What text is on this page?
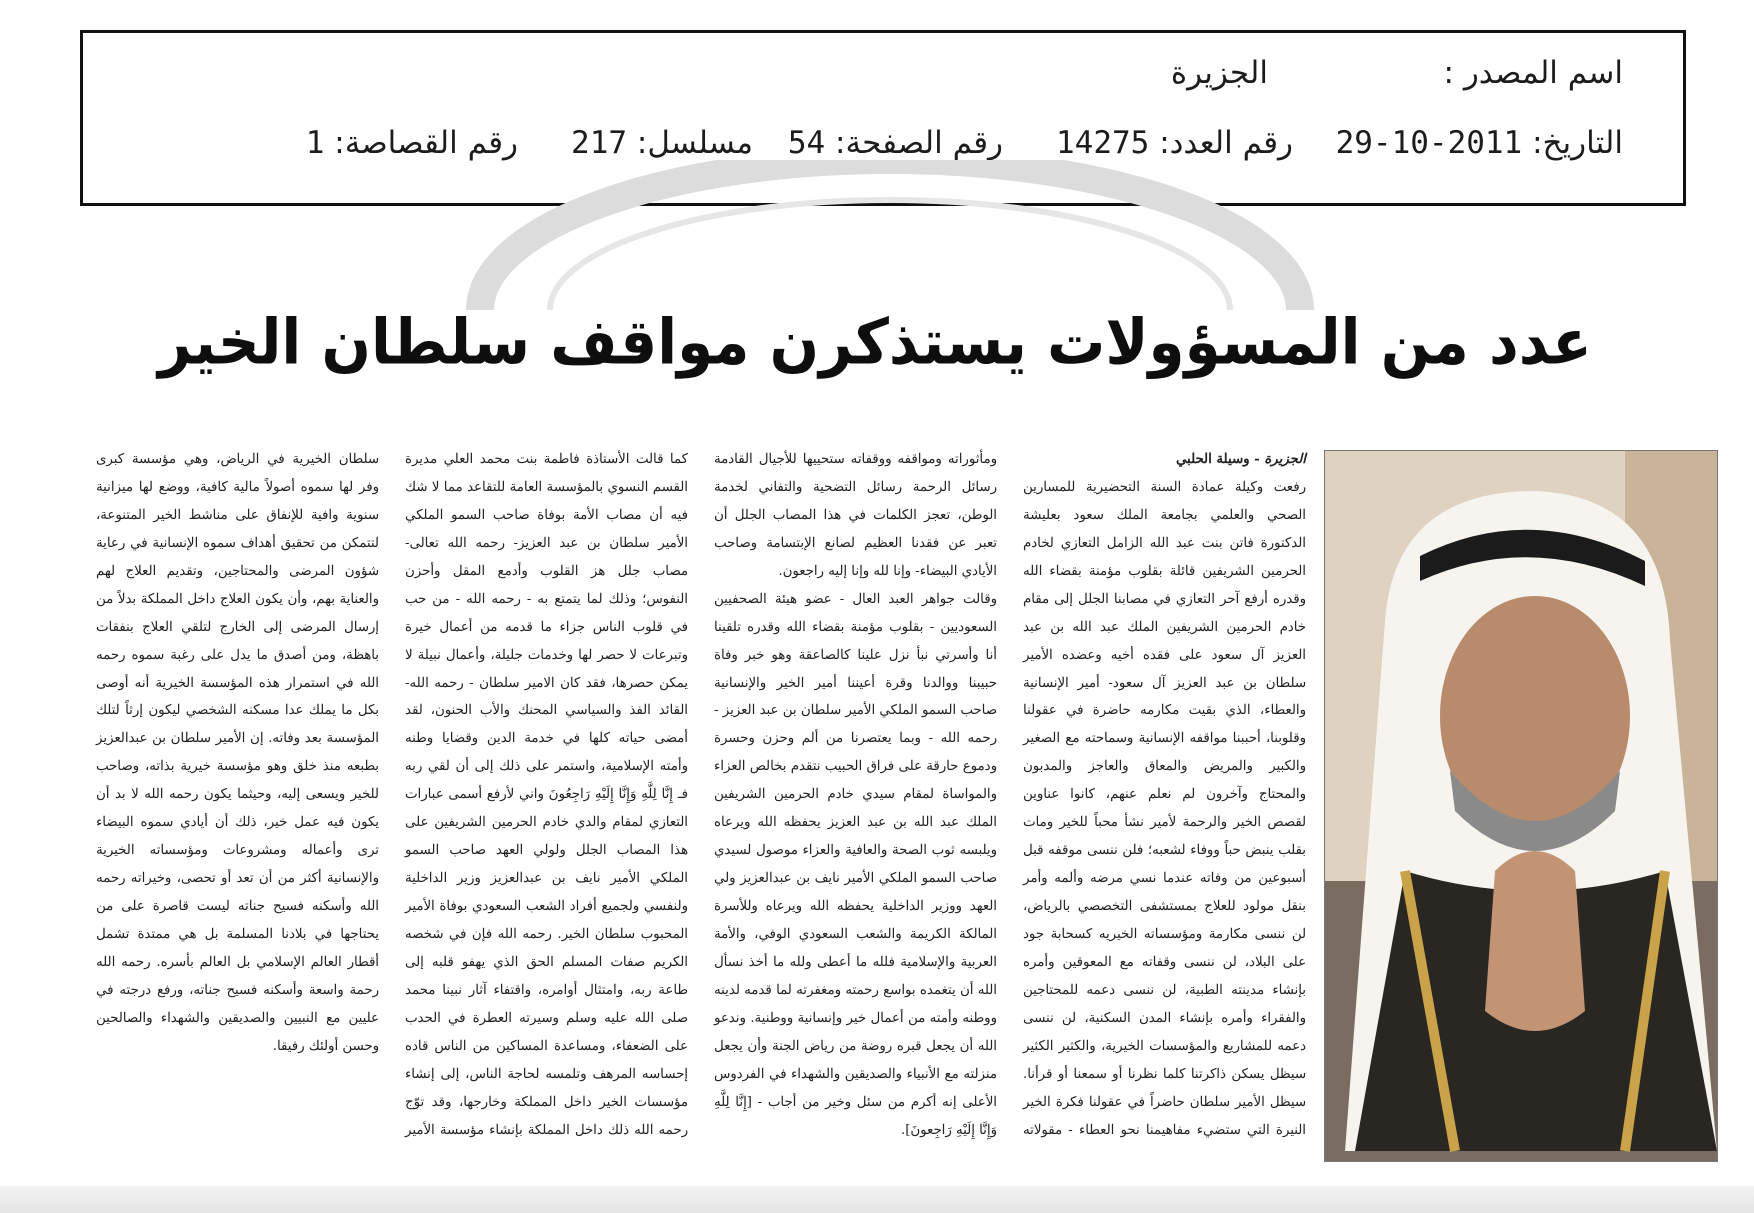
اسم المصدر :
الجزيرة
التاريخ: 2011-10-29
رقم العدد: 14275
رقم الصفحة: 54
مسلسل: 217
رقم القصاصة: 1
عدد من المسؤولات يستذكرن مواقف سلطان الخير

الجزيرة - وسيلة الحلبي

رفعت وكيلة عمادة السنة التحضيرية للمسارين الصحي والعلمي بجامعة الملك سعود بعليشة الدكتورة فاتن بنت عبد الله الزامل التعازي لخادم الحرمين الشريفين قائلة بقلوب مؤمنة بقضاء الله وقدره أرفع آحر التعازي في مصابنا الجلل إلى مقام خادم الحرمين الشريفين الملك عبد الله بن عبد العزيز آل سعود على فقده أخيه وعضده الأمير سلطان بن عبد العزيز آل سعود- أمير الإنسانية والعطاء، الذي بقيت مكارمه حاضرة في عقولنا وقلوبنا، أحببنا مواقفه الإنسانية وسماحته مع الصغير والكبير والمريض والمعاق والعاجز والمدبون والمحتاج وآخرون لم نعلم عنهم، كانوا عناوين لقصص الخير والرحمة لأمير نشأ محباً للخير ومات بقلب ينبض حباً ووفاء لشعبه؛ فلن ننسى موقفه قبل أسبوعين من وفاته عندما نسي مرضه وألمه وأمر بنقل مولود للعلاج بمستشفى التخصصي بالرياض، لن ننسى مكارمة ومؤسساته الخيريه كسحابة جود على البلاد، لن ننسى وقفاته مع المعوقين وأمره بإنشاء مدينته الطبية، لن ننسى دعمه للمحتاجين والفقراء وأمره بإنشاء المدن السكنية، لن ننسى دعمه للمشاريع والمؤسسات الخيرية، والكثير الكثير سيظل يسكن ذاكرتنا كلما نظرنا أو سمعنا أو قرأنا. سيظل الأمير سلطان حاضراً في عقولنا فكرة الخير النيرة التي ستضيء مفاهيمنا نحو العطاء - مقولاته ومأثوراته ومواقفه ووقفاته ستحييها للأجيال القادمة رسائل الرحمة رسائل التضحية والتفاني لخدمة الوطن، تعجز الكلمات في هذا المصاب الجلل أن تعبر عن فقدنا العظيم لصانع الإبتسامة وصاحب الأيادي البيضاء- وإنا لله وإنا إليه راجعون.

وقالت جواهر العبد العال - عضو هيئة الصحفيين السعوديين - بقلوب مؤمنة بقضاء الله وقدره تلقينا أنا وأسرتي نبأ نزل علينا كالصاعقة وهو خبر وفاة حبيبنا ووالدنا وقرة أعيننا أمير الخير والإنسانية صاحب السمو الملكي الأمير سلطان بن عبد العزيز - رحمه الله - وبما يعتصرنا من ألم وحزن وحسرة ودموع حارقة على فراق الحبيب نتقدم بخالص العزاء والمواساة لمقام سيدي خادم الحرمين الشريفين الملك عبد الله بن عبد العزيز يحفظه الله ويرعاه ويلبسه ثوب الصحة والعافية والعزاء موصول لسيدي صاحب السمو الملكي الأمير نايف بن عبدالعزيز ولي العهد ووزير الداخلية يحفظه الله ويرعاه وللأسرة المالكة الكريمة والشعب السعودي الوفي، والأمة العربية والإسلامية فلله ما أعطى ولله ما أخذ نسأل الله أن يتغمده بواسع رحمته ومغفرته لما قدمه لدينه ووطنه وأمته من أعمال خير وإنسانية ووطنية. وندعو الله أن يجعل قبره روضة من رياض الجنة وأن يجعل منزلته مع الأنبياء والصديقين والشهداء في الفردوس الأعلى إنه أكرم من سئل وخير من أجاب - [إِنَّا لِلَّهِ وَإِنَّا إِلَيْهِ رَاجِعونَ].

كما قالت الأستاذة فاطمة بنت محمد العلي مديرة القسم النسوي بالمؤسسة العامة للتقاعد مما لا شك فيه أن مصاب الأمة بوفاة صاحب السمو الملكي الأمير سلطان بن عبد العزيز- رحمه الله تعالى- مصاب جلل هز القلوب وأدمع المقل وأحزن النفوس؛ وذلك لما يتمتع به - رحمه الله - من حب في قلوب الناس جزاء ما قدمه من أعمال خيرة وتبرعات لا حصر لها وخدمات جليلة، وأعمال نبيلة لا يمكن حصرها، فقد كان الامير سلطان - رحمه الله- القائد الفذ والسياسي المحنك والأب الحنون، لقد أمضى حياته كلها في خدمة الدين وقضايا وطنه وأمته الإسلامية، واستمر على ذلك إلى أن لقي ربه فـ إِنَّا لِلَّهِ وَإِنَّا إِلَيْهِ رَاجِعُونَ واني لأرفع أسمى عبارات التعازي لمقام والدي خادم الحرمين الشريفين على هذا المصاب الجلل ولولي العهد صاحب السمو الملكي الأمير نايف بن عبدالعزيز وزير الداخلية ولنفسي ولجميع أفراد الشعب السعودي بوفاة الأمير المحبوب سلطان الخير. رحمه الله فإن في شخصه الكريم صفات المسلم الحق الذي يهفو قلبه إلى طاعة ربه، وامتثال أوامره، واقتفاء آثار نبينا محمد صلى الله عليه وسلم وسيرته العطرة في الحدب على الضعفاء، ومساعدة المساكين من الناس قاده إحساسه المرهف وتلمسه لحاجة الناس، إلى إنشاء مؤسسات الخير داخل المملكة وخارجها، وقد توّج رحمه الله ذلك داخل المملكة بإنشاء مؤسسة الأمير سلطان الخيرية في الرياض، وهي مؤسسة كبرى وفر لها سموه أصولاً مالية كافية، ووضع لها ميزانية سنوية وافية للإنفاق على مناشط الخير المتنوعة، لتتمكن من تحقيق أهداف سموه الإنسانية في رعاية شؤون المرضى والمحتاجين، وتقديم العلاج لهم والعناية بهم، وأن يكون العلاج داخل المملكة بدلاً من إرسال المرضى إلى الخارج لتلقي العلاج بنفقات باهظة، ومن أصدق ما يدل على رغبة سموه رحمه الله في استمرار هذه المؤسسة الخيرية أنه أوصى بكل ما يملك عدا مسكنه الشخصي ليكون إرثاً لتلك المؤسسة بعد وفاته. إن الأمير سلطان بن عبدالعزيز بطبعه منذ خلق وهو مؤسسة خيرية بذاته، وصاحب للخير ويسعى إليه، وحيثما يكون رحمه الله لا بد أن يكون فيه عمل خير، ذلك أن أيادي سموه البيضاء ترى وأعماله ومشروعات ومؤسساته الخيرية والإنسانية أكثر من أن تعد أو تحصى، وخيراته رحمه الله وأسكنه فسيح جناته ليست قاصرة على من يحتاجها في بلادنا المسلمة بل هي ممتدة تشمل أقطار العالم الإسلامي بل العالم بأسره. رحمه الله رحمة واسعة وأسكنه فسيح جناته، ورفع درجته في عليين مع النبيين والصديقين والشهداء والصالحين وحسن أولئك رفيقا.
